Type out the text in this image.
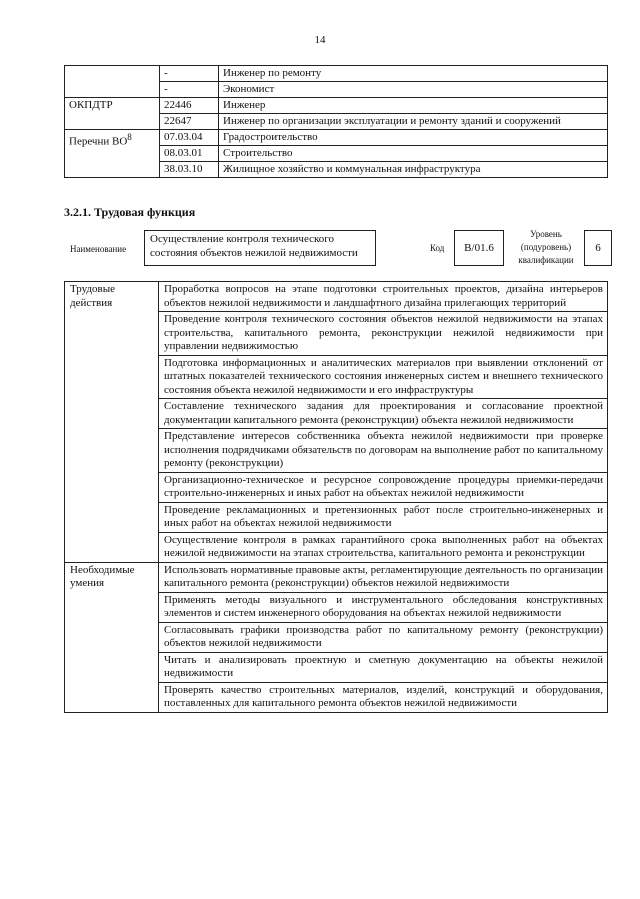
14
	-	Инженер по ремонту
	-	Экономист
ОКПДТР	22446	Инженер
	22647	Инженер по организации эксплуатации и ремонту зданий и сооружений
Перечни $ВО^8$	07.03.04	Градостроительство
	08.03.01	Строительство
	38.03.10	Жилищное хозяйство и коммунальная инфраструктура
3.2.1. Трудовая функция
Наименование
Осуществление контроля технического состояния объектов нежилой недвижимости	Код	B/01.6
Уровень
(подуровень)
квалификации
6
Трудовые действия	Проработка вопросов на этапе подготовки строительных проектов, дизайна интерьеров объектов нежилой недвижимости и ландшафтного дизайна прилегающих территорий
	Проведение контроля технического состояния объектов нежилой недвижимости на этапах строительства, капитального ремонта, реконструкции нежилой недвижимости при управлении недвижимостью
	Подготовка информационных и аналитических материалов при выявлении отклонений от штатных показателей технического состояния инженерных систем и внешнего технического состояния объекта нежилой недвижимости и его инфраструктуры
	Составление технического задания для проектирования и согласование проектной документации капитального ремонта (реконструкции) объекта нежилой недвижимости
	Представление интересов собственника объекта нежилой недвижимости при проверке исполнения подрядчиками обязательств по договорам на выполнение работ по капитальному ремонту (реконструкции)
	Организационно-техническое и ресурсное сопровождение процедуры приемки-передачи строительно-инженерных и иных работ на объектах нежилой недвижимости
	Проведение рекламационных и претензионных работ после строительно-инженерных и иных работ на объектах нежилой недвижимости
	Осуществление контроля в рамках гарантийного срока выполненных работ на объектах нежилой недвижимости на этапах строительства, капитального ремонта и реконструкции
Необходимые умения	Использовать нормативные правовые акты, регламентирующие деятельность по организации капитального ремонта (реконструкции) объектов нежилой недвижимости
	Применять методы визуального и инструментального обследования конструктивных элементов и систем инженерного оборудования на объектах нежилой недвижимости
	Согласовывать графики производства работ по капитальному ремонту (реконструкции) объектов нежилой недвижимости
	Читать и анализировать проектную и сметную документацию на объекты нежилой недвижимости
	Проверять качество строительных материалов, изделий, конструкций и оборудования, поставленных для капитального ремонта объектов нежилой недвижимости
